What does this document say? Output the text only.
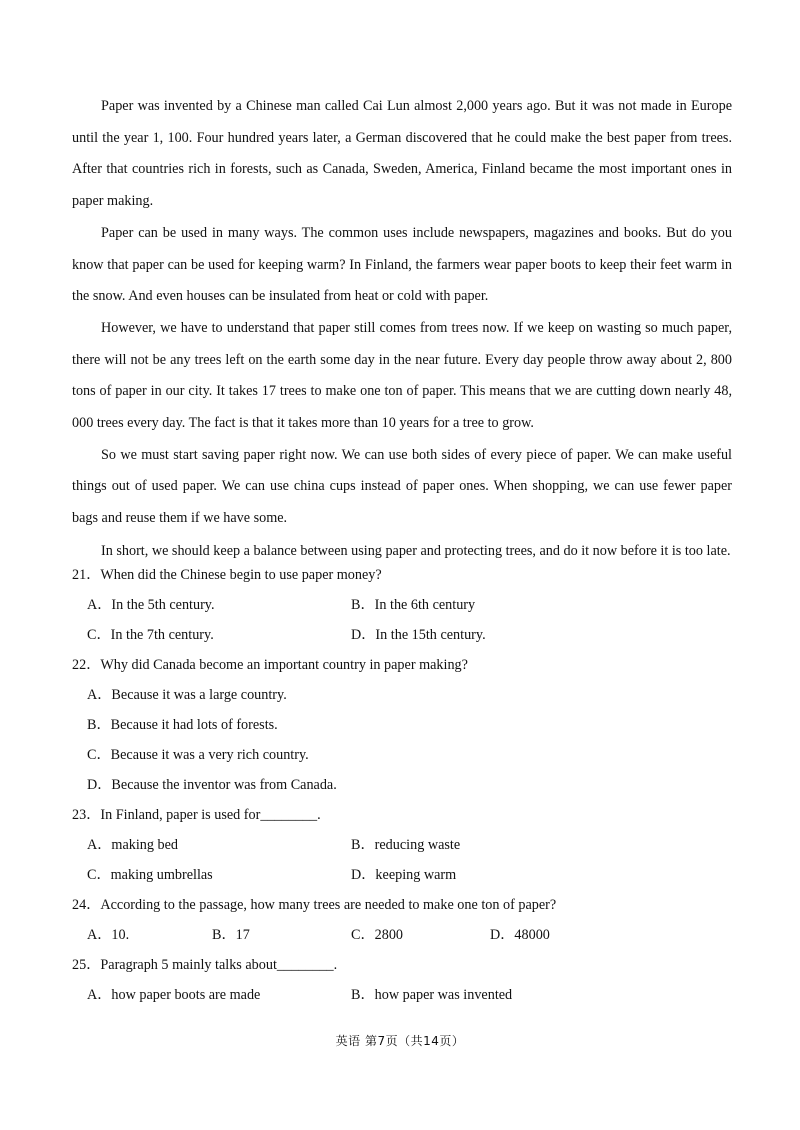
Paper was invented by a Chinese man called Cai Lun almost 2,000 years ago. But it was not made in Europe until the year 1, 100. Four hundred years later, a German discovered that he could make the best paper from trees. After that countries rich in forests, such as Canada, Sweden, America, Finland became the most important ones in paper making.

Paper can be used in many ways. The common uses include newspapers, magazines and books. But do you know that paper can be used for keeping warm? In Finland, the farmers wear paper boots to keep their feet warm in the snow. And even houses can be insulated from heat or cold with paper.

However, we have to understand that paper still comes from trees now. If we keep on wasting so much paper, there will not be any trees left on the earth some day in the near future. Every day people throw away about 2, 800 tons of paper in our city. It takes 17 trees to make one ton of paper. This means that we are cutting down nearly 48, 000 trees every day. The fact is that it takes more than 10 years for a tree to grow.

So we must start saving paper right now. We can use both sides of every piece of paper. We can make useful things out of used paper. We can use china cups instead of paper ones. When shopping, we can use fewer paper bags and reuse them if we have some.

In short, we should keep a balance between using paper and protecting trees, and do it now before it is too late.

21．When did the Chinese begin to use paper money?
A．In the 5th century.	B．In the 6th century
C．In the 7th century.	D．In the 15th century.
22．Why did Canada become an important country in paper making?
A．Because it was a large country.
B．Because it had lots of forests.
C．Because it was a very rich country.
D．Because the inventor was from Canada.
23．In Finland, paper is used for________.
A．making bed	B．reducing waste
C．making umbrellas	D．keeping warm
24．According to the passage, how many trees are needed to make one ton of paper?
A．10.	B．17	C．2800	D．48000
25．Paragraph 5 mainly talks about________.
A．how paper boots are made	B．how paper was invented
英语 第7页（共14页）
